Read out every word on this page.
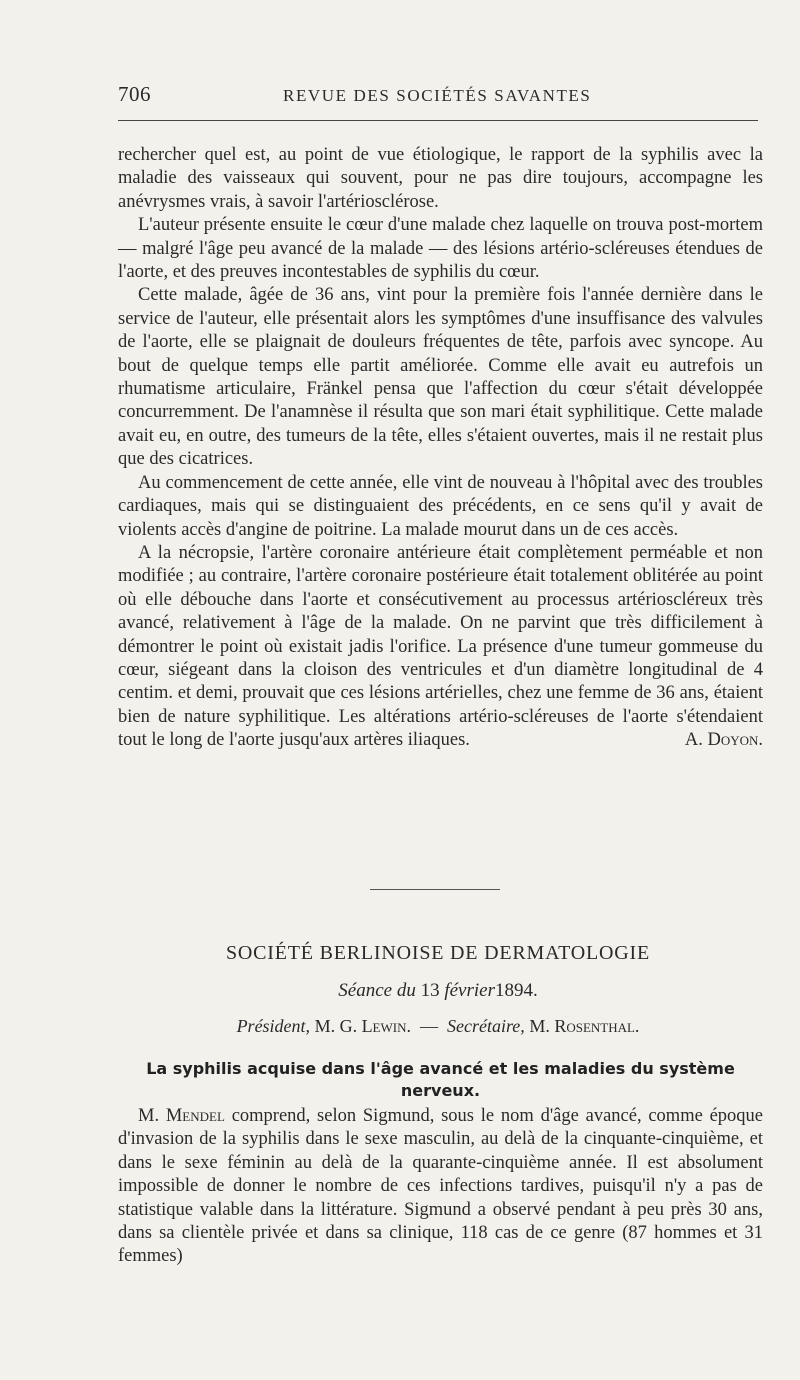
706	REVUE DES SOCIÉTÉS SAVANTES

rechercher quel est, au point de vue étiologique, le rapport de la syphilis avec la maladie des vaisseaux qui souvent, pour ne pas dire toujours, accompagne les anévrysmes vrais, à savoir l'artériosclérose.

L'auteur présente ensuite le cœur d'une malade chez laquelle on trouva post-mortem — malgré l'âge peu avancé de la malade — des lésions artério-scléreuses étendues de l'aorte, et des preuves incontestables de syphilis du cœur.

Cette malade, âgée de 36 ans, vint pour la première fois l'année dernière dans le service de l'auteur, elle présentait alors les symptômes d'une insuffisance des valvules de l'aorte, elle se plaignait de douleurs fréquentes de tête, parfois avec syncope. Au bout de quelque temps elle partit améliorée. Comme elle avait eu autrefois un rhumatisme articulaire, Fränkel pensa que l'affection du cœur s'était développée concurremment. De l'anamnèse il résulta que son mari était syphilitique. Cette malade avait eu, en outre, des tumeurs de la tête, elles s'étaient ouvertes, mais il ne restait plus que des cicatrices.

Au commencement de cette année, elle vint de nouveau à l'hôpital avec des troubles cardiaques, mais qui se distinguaient des précédents, en ce sens qu'il y avait de violents accès d'angine de poitrine. La malade mourut dans un de ces accès.

A la nécropsie, l'artère coronaire antérieure était complètement perméable et non modifiée ; au contraire, l'artère coronaire postérieure était totalement oblitérée au point où elle débouche dans l'aorte et consécutivement au processus artérioscléreux très avancé, relativement à l'âge de la malade. On ne parvint que très difficilement à démontrer le point où existait jadis l'orifice. La présence d'une tumeur gommeuse du cœur, siégeant dans la cloison des ventricules et d'un diamètre longitudinal de 4 centim. et demi, prouvait que ces lésions artérielles, chez une femme de 36 ans, étaient bien de nature syphilitique. Les altérations artério-scléreuses de l'aorte s'étendaient tout le long de l'aorte jusqu'aux artères iliaques.	A. Doyon.

SOCIÉTÉ BERLINOISE DE DERMATOLOGIE
Séance du 13 février1894.
Président, M. G. Lewin. — Secrétaire, M. Rosenthal.
La syphilis acquise dans l'âge avancé et les maladies du système nerveux.

M. Mendel comprend, selon Sigmund, sous le nom d'âge avancé, comme époque d'invasion de la syphilis dans le sexe masculin, au delà de la cinquante-cinquième, et dans le sexe féminin au delà de la quarante-cinquième année. Il est absolument impossible de donner le nombre de ces infections tardives, puisqu'il n'y a pas de statistique valable dans la littérature. Sigmund a observé pendant à peu près 30 ans, dans sa clientèle privée et dans sa clinique, 118 cas de ce genre (87 hommes et 31 femmes)
